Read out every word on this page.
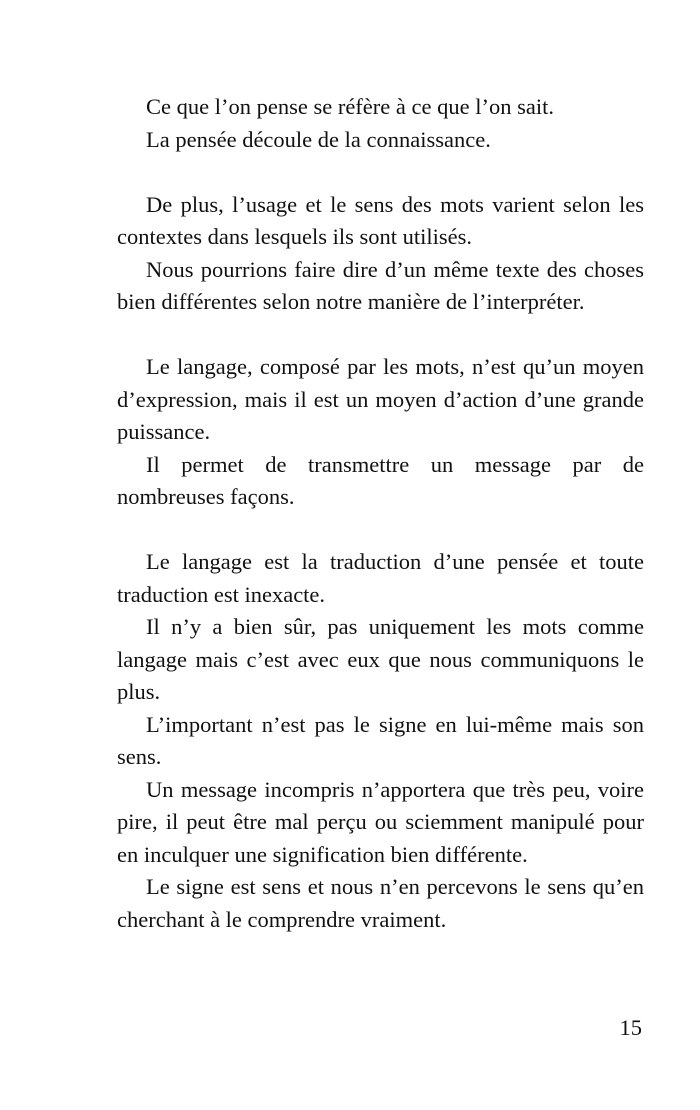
Ce que l’on pense se réfère à ce que l’on sait.

La pensée découle de la connaissance.

De plus, l’usage et le sens des mots varient selon les contextes dans lesquels ils sont utilisés.

Nous pourrions faire dire d’un même texte des choses bien différentes selon notre manière de l’interpréter.

Le langage, composé par les mots, n’est qu’un moyen d’expression, mais il est un moyen d’action d’une grande puissance.

Il permet de transmettre un message par de nombreuses façons.

Le langage est la traduction d’une pensée et toute traduction est inexacte.

Il n’y a bien sûr, pas uniquement les mots comme langage mais c’est avec eux que nous communiquons le plus.

L’important n’est pas le signe en lui-même mais son sens.

Un message incompris n’apportera que très peu, voire pire, il peut être mal perçu ou sciemment manipulé pour en inculquer une signification bien différente.

Le signe est sens et nous n’en percevons le sens qu’en cherchant à le comprendre vraiment.

15
